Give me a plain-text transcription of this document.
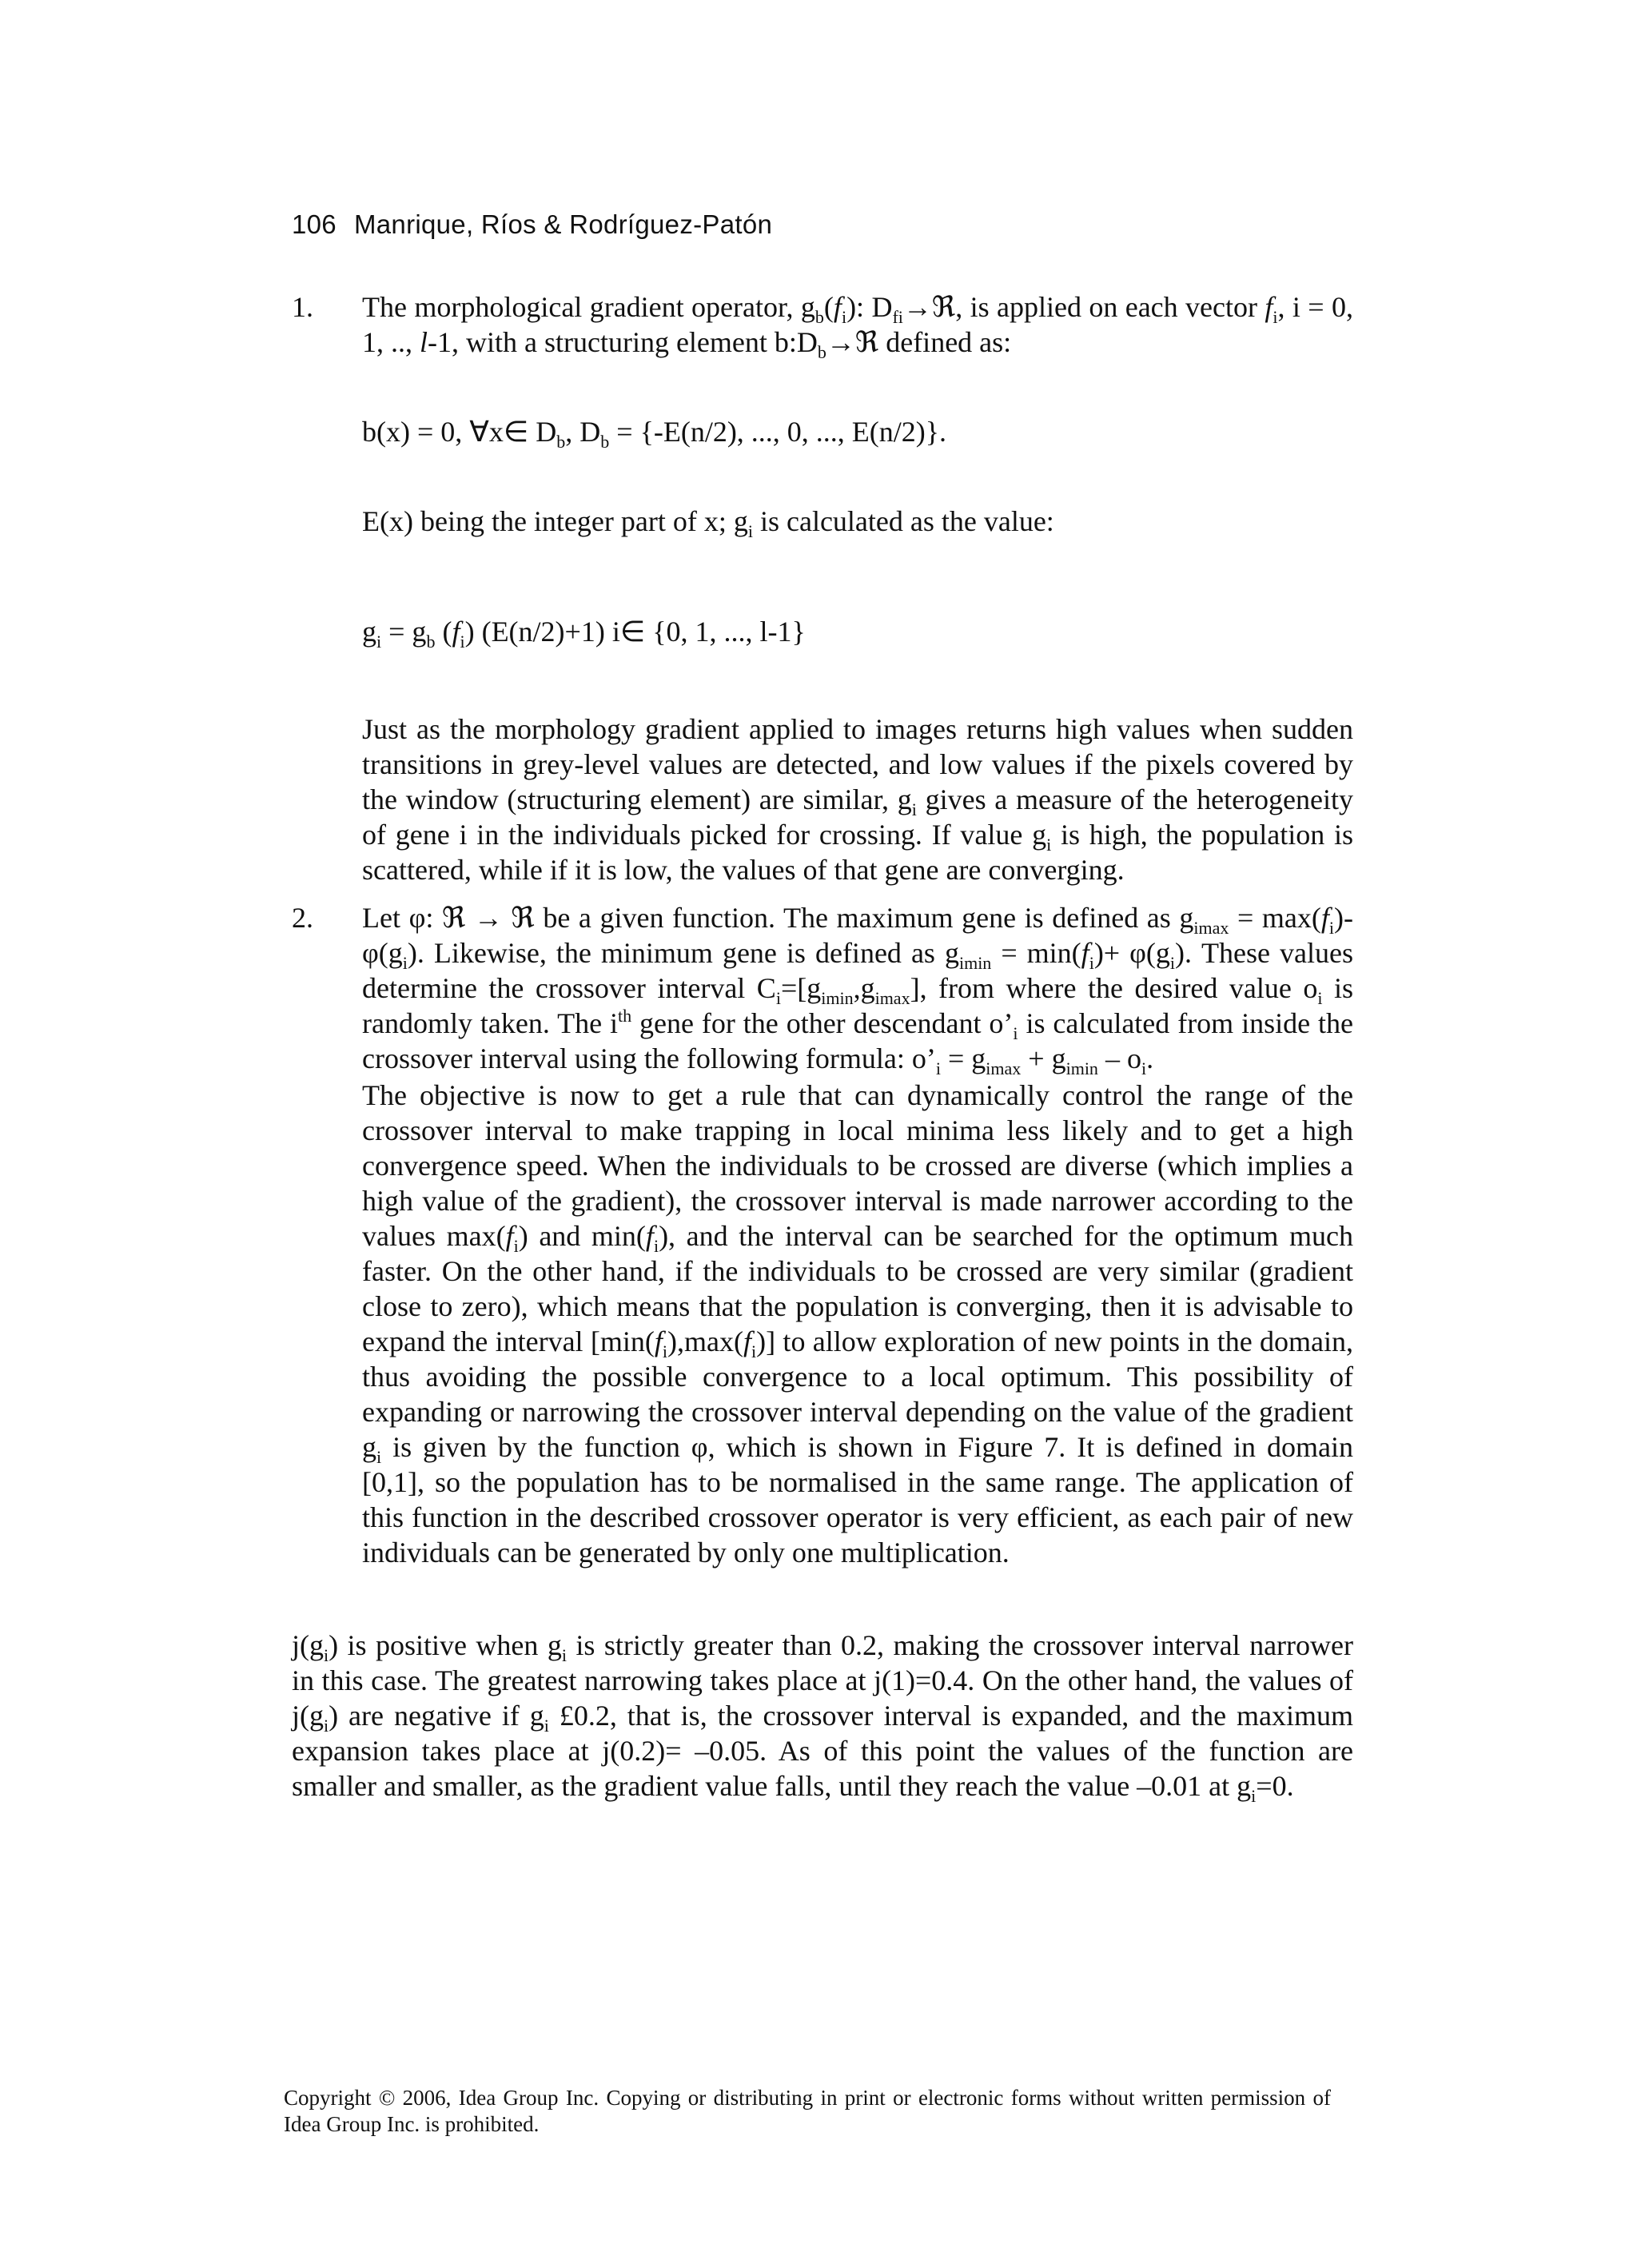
106 Manrique, Ríos & Rodríguez-Patón
1. The morphological gradient operator, $g_b(f_i)$: $D_{fi}\to ℜ$, is applied on each vector $f_i$, i = 0, 1, .., l-1, with a structuring element $b:D_b\to ℜ$ defined as:
b(x) = 0, ∀x∈ $D_b$, $D_b = \{-E(n/2)$, ..., 0, ..., E(n/2)}.
E(x) being the integer part of x; $g_i$ is calculated as the value:
$g_i = g_b$ $(f_i)$ (E(n/2)+1) i∈ {0, 1, ..., l-1}
Just as the morphology gradient applied to images returns high values when sudden transitions in grey-level values are detected, and low values if the pixels covered by the window (structuring element) are similar, $g_i$ gives a measure of the heterogeneity of gene i in the individuals picked for crossing. If value $g_i$ is high, the population is scattered, while if it is low, the values of that gene are converging.
2. Let φ: ℜ → ℜ be a given function. The maximum gene is defined as $g_{imax} = \max(f_i)-\varphi(g_i)$. Likewise, the minimum gene is defined as $g_{imin} = \min(f_i)+ \varphi(g_i)$. These values determine the crossover interval $C_i=[g_{imin},g_{imax}]$, from where the desired value $o_i$ is randomly taken. The $i^{th}$ gene for the other descendant $o’_i$ is calculated from inside the crossover interval using the following formula: $o’_i = g_{imax} + g_{imin} - o_i$.
The objective is now to get a rule that can dynamically control the range of the crossover interval to make trapping in local minima less likely and to get a high convergence speed. When the individuals to be crossed are diverse (which implies a high value of the gradient), the crossover interval is made narrower according to the values $\max(f_i)$ and $\min(f_i)$, and the interval can be searched for the optimum much faster. On the other hand, if the individuals to be crossed are very similar (gradient close to zero), which means that the population is converging, then it is advisable to expand the interval $[\min(f_i),\max(f_i)]$ to allow exploration of new points in the domain, thus avoiding the possible convergence to a local optimum. This possibility of expanding or narrowing the crossover interval depending on the value of the gradient $g_i$ is given by the function φ, which is shown in Figure 7. It is defined in domain [0,1], so the population has to be normalised in the same range. The application of this function in the described crossover operator is very efficient, as each pair of new individuals can be generated by only one multiplication.
$j(g_i)$ is positive when $g_i$ is strictly greater than 0.2, making the crossover interval narrower in this case. The greatest narrowing takes place at j(1)=0.4. On the other hand, the values of $j(g_i)$ are negative if $g_i$ £0.2, that is, the crossover interval is expanded, and the maximum expansion takes place at j(0.2)= –0.05. As of this point the values of the function are smaller and smaller, as the gradient value falls, until they reach the value –0.01 at $g_i=0$.
Copyright © 2006, Idea Group Inc. Copying or distributing in print or electronic forms without written permission of Idea Group Inc. is prohibited.
